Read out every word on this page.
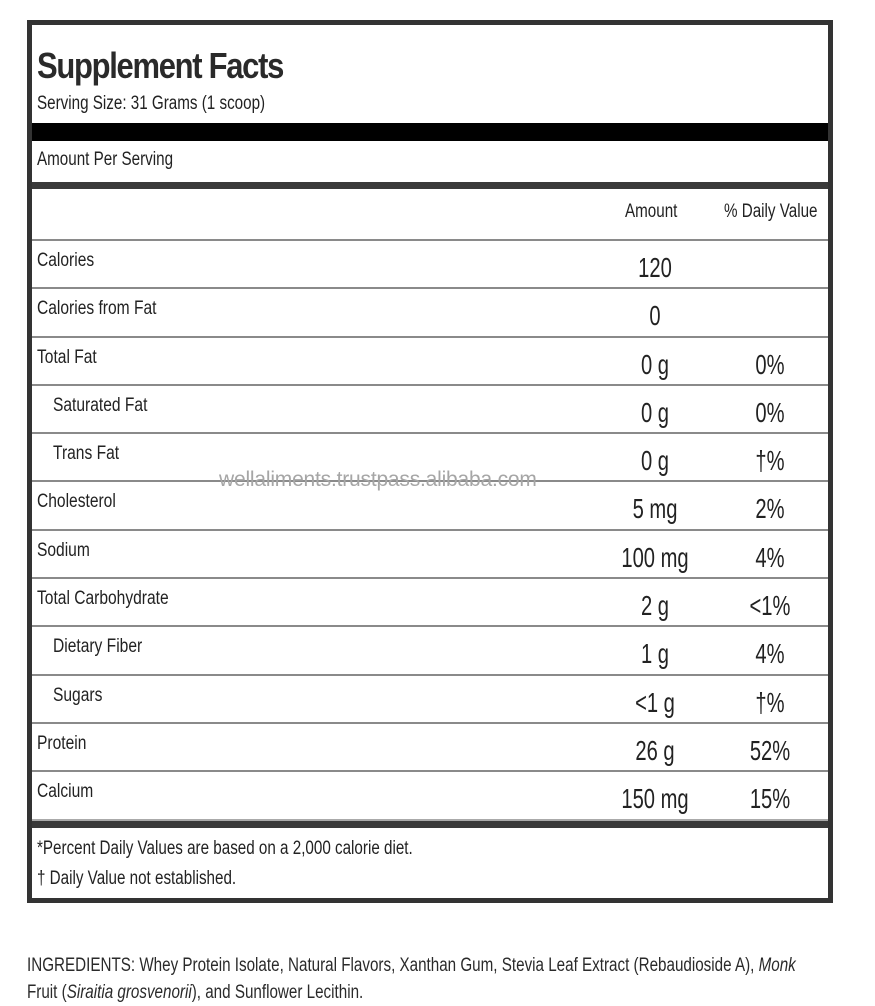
Supplement Facts
Serving Size: 31 Grams (1 scoop)
Amount Per Serving
Amount % Daily Value
Calories	120
Calories from Fat	0
Total Fat	0 g	0%
Saturated Fat	0 g	0%
Trans Fat	0 g	†%
Cholesterol	5 mg	2%
Sodium	100 mg	4%
Total Carbohydrate	2 g	<1%
Dietary Fiber	1 g	4%
Sugars	<1 g	†%
Protein	26 g	52%
Calcium	150 mg	15%
*Percent Daily Values are based on a 2,000 calorie diet.
† Daily Value not established.
wellaliments.trustpass.alibaba.com
INGREDIENTS: Whey Protein Isolate, Natural Flavors, Xanthan Gum, Stevia Leaf Extract (Rebaudioside A), Monk
Fruit (Siraitia grosvenorii), and Sunflower Lecithin.
